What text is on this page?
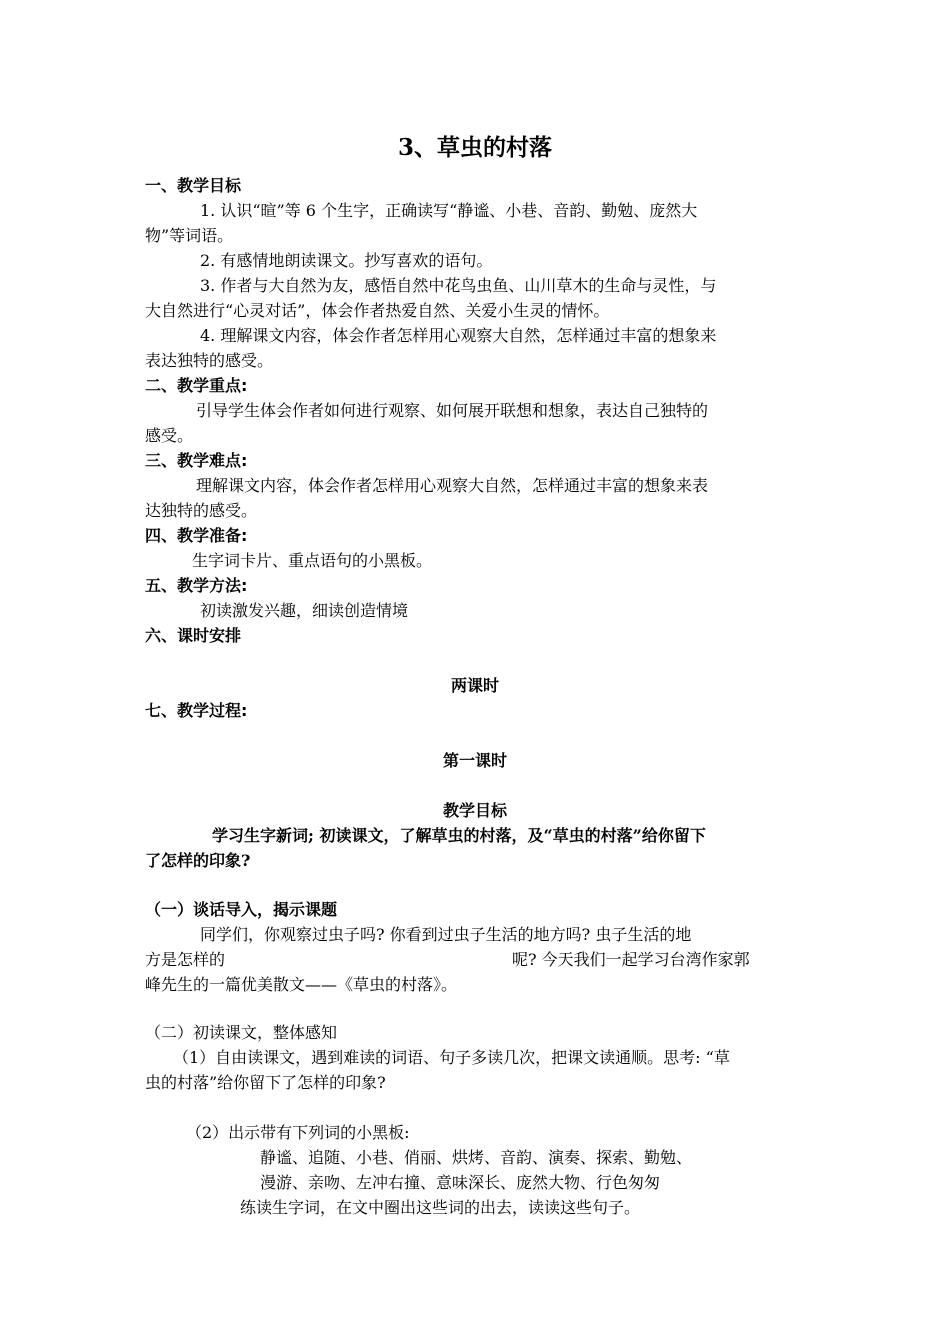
3、草虫的村落
一、教学目标
1. 认识“暄”等 6 个生字，正确读写“静谧、小巷、音韵、勤勉、庞然大
物”等词语。
2. 有感情地朗读课文。抄写喜欢的语句。
3. 作者与大自然为友，感悟自然中花鸟虫鱼、山川草木的生命与灵性，与
大自然进行“心灵对话”，体会作者热爱自然、关爱小生灵的情怀。
4. 理解课文内容，体会作者怎样用心观察大自然，怎样通过丰富的想象来
表达独特的感受。
二、教学重点:
引导学生体会作者如何进行观察、如何展开联想和想象，表达自己独特的
感受。
三、教学难点:
理解课文内容，体会作者怎样用心观察大自然，怎样通过丰富的想象来表
达独特的感受。
四、教学准备:
生字词卡片、重点语句的小黑板。
五、教学方法:
初读激发兴趣，细读创造情境
六、课时安排
两课时
七、教学过程:
第一课时
教学目标
学习生字新词; 初读课文，了解草虫的村落，及“草虫的村落”给你留下
了怎样的印象?
（一）谈话导入，揭示课题
同学们，你观察过虫子吗? 你看到过虫子生活的地方吗? 虫子生活的地
方是怎样的	呢? 今天我们一起学习台湾作家郭
峰先生的一篇优美散文——《草虫的村落》。
（二）初读课文，整体感知
（1）自由读课文，遇到难读的词语、句子多读几次，把课文读通顺。思考: “草
虫的村落”给你留下了怎样的印象?
（2）出示带有下列词的小黑板:
静谧、追随、小巷、俏丽、烘烤、音韵、演奏、探索、勤勉、
漫游、亲吻、左冲右撞、意味深长、庞然大物、行色匆匆
练读生字词，在文中圈出这些词的出去，读读这些句子。
